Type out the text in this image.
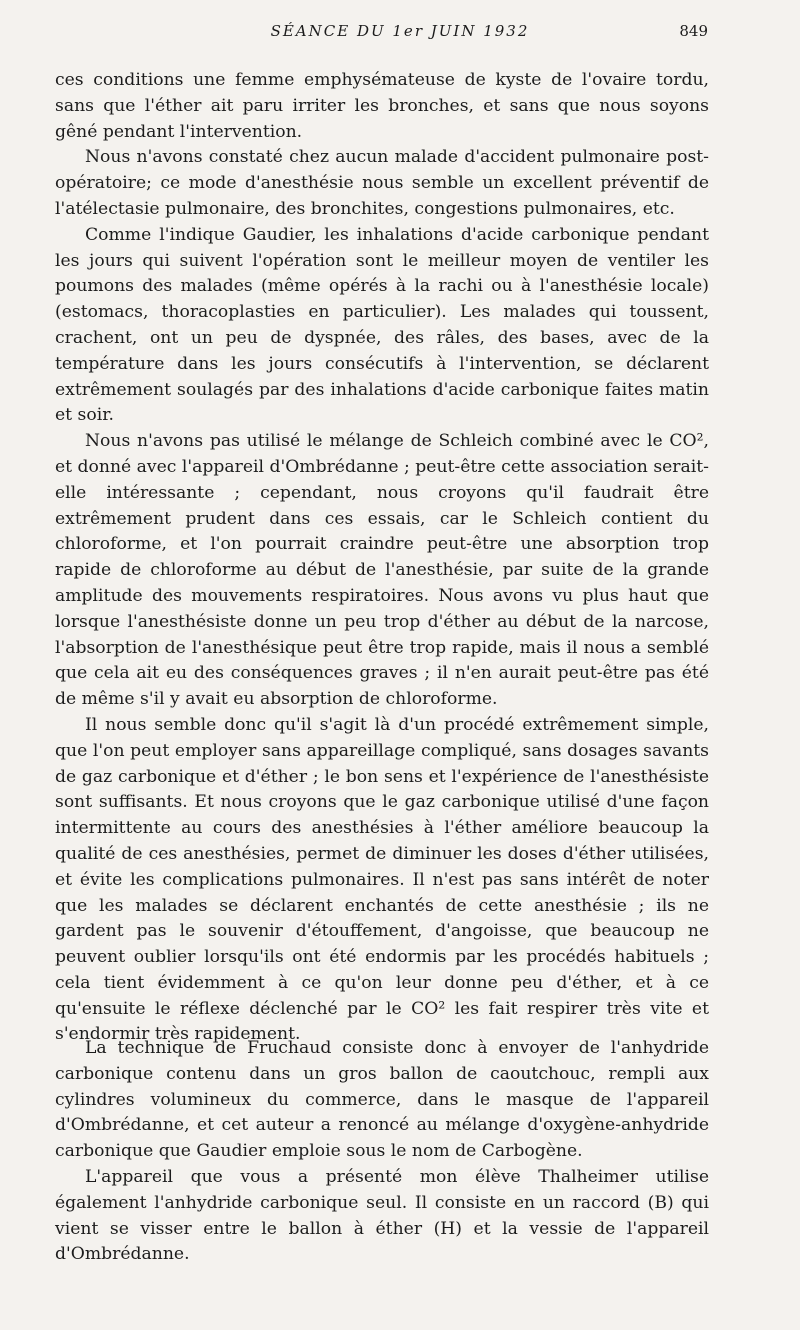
SÉANCE DU 1er JUIN 1932	849

ces conditions une femme emphysémateuse de kyste de l'ovaire tordu, sans que l'éther ait paru irriter les bronches, et sans que nous soyons gêné pendant l'intervention.

Nous n'avons constaté chez aucun malade d'accident pulmonaire post-opératoire; ce mode d'anesthésie nous semble un excellent préventif de l'atélectasie pulmonaire, des bronchites, congestions pulmonaires, etc.

Comme l'indique Gaudier, les inhalations d'acide carbonique pendant les jours qui suivent l'opération sont le meilleur moyen de ventiler les poumons des malades (même opérés à la rachi ou à l'anesthésie locale) (estomacs, thoracoplasties en particulier). Les malades qui toussent, crachent, ont un peu de dyspnée, des râles, des bases, avec de la température dans les jours consécutifs à l'intervention, se déclarent extrêmement soulagés par des inhalations d'acide carbonique faites matin et soir.

Nous n'avons pas utilisé le mélange de Schleich combiné avec le CO², et donné avec l'appareil d'Ombrédanne ; peut-être cette association serait-elle intéressante ; cependant, nous croyons qu'il faudrait être extrêmement prudent dans ces essais, car le Schleich contient du chloroforme, et l'on pourrait craindre peut-être une absorption trop rapide de chloroforme au début de l'anesthésie, par suite de la grande amplitude des mouvements respiratoires. Nous avons vu plus haut que lorsque l'anesthésiste donne un peu trop d'éther au début de la narcose, l'absorption de l'anesthésique peut être trop rapide, mais il nous a semblé que cela ait eu des conséquences graves ; il n'en aurait peut-être pas été de même s'il y avait eu absorption de chloroforme.

Il nous semble donc qu'il s'agit là d'un procédé extrêmement simple, que l'on peut employer sans appareillage compliqué, sans dosages savants de gaz carbonique et d'éther ; le bon sens et l'expérience de l'anesthésiste sont suffisants. Et nous croyons que le gaz carbonique utilisé d'une façon intermittente au cours des anesthésies à l'éther améliore beaucoup la qualité de ces anesthésies, permet de diminuer les doses d'éther utilisées, et évite les complications pulmonaires. Il n'est pas sans intérêt de noter que les malades se déclarent enchantés de cette anesthésie ; ils ne gardent pas le souvenir d'étouffement, d'angoisse, que beaucoup ne peuvent oublier lorsqu'ils ont été endormis par les procédés habituels ; cela tient évidemment à ce qu'on leur donne peu d'éther, et à ce qu'ensuite le réflexe déclenché par le CO² les fait respirer très vite et s'endormir très rapidement.

La technique de Fruchaud consiste donc à envoyer de l'anhydride carbonique contenu dans un gros ballon de caoutchouc, rempli aux cylindres volumineux du commerce, dans le masque de l'appareil d'Ombrédanne, et cet auteur a renoncé au mélange d'oxygène-anhydride carbonique que Gaudier emploie sous le nom de Carbogène.

L'appareil que vous a présenté mon élève Thalheimer utilise également l'anhydride carbonique seul. Il consiste en un raccord (B) qui vient se visser entre le ballon à éther (H) et la vessie de l'appareil d'Ombrédanne.
